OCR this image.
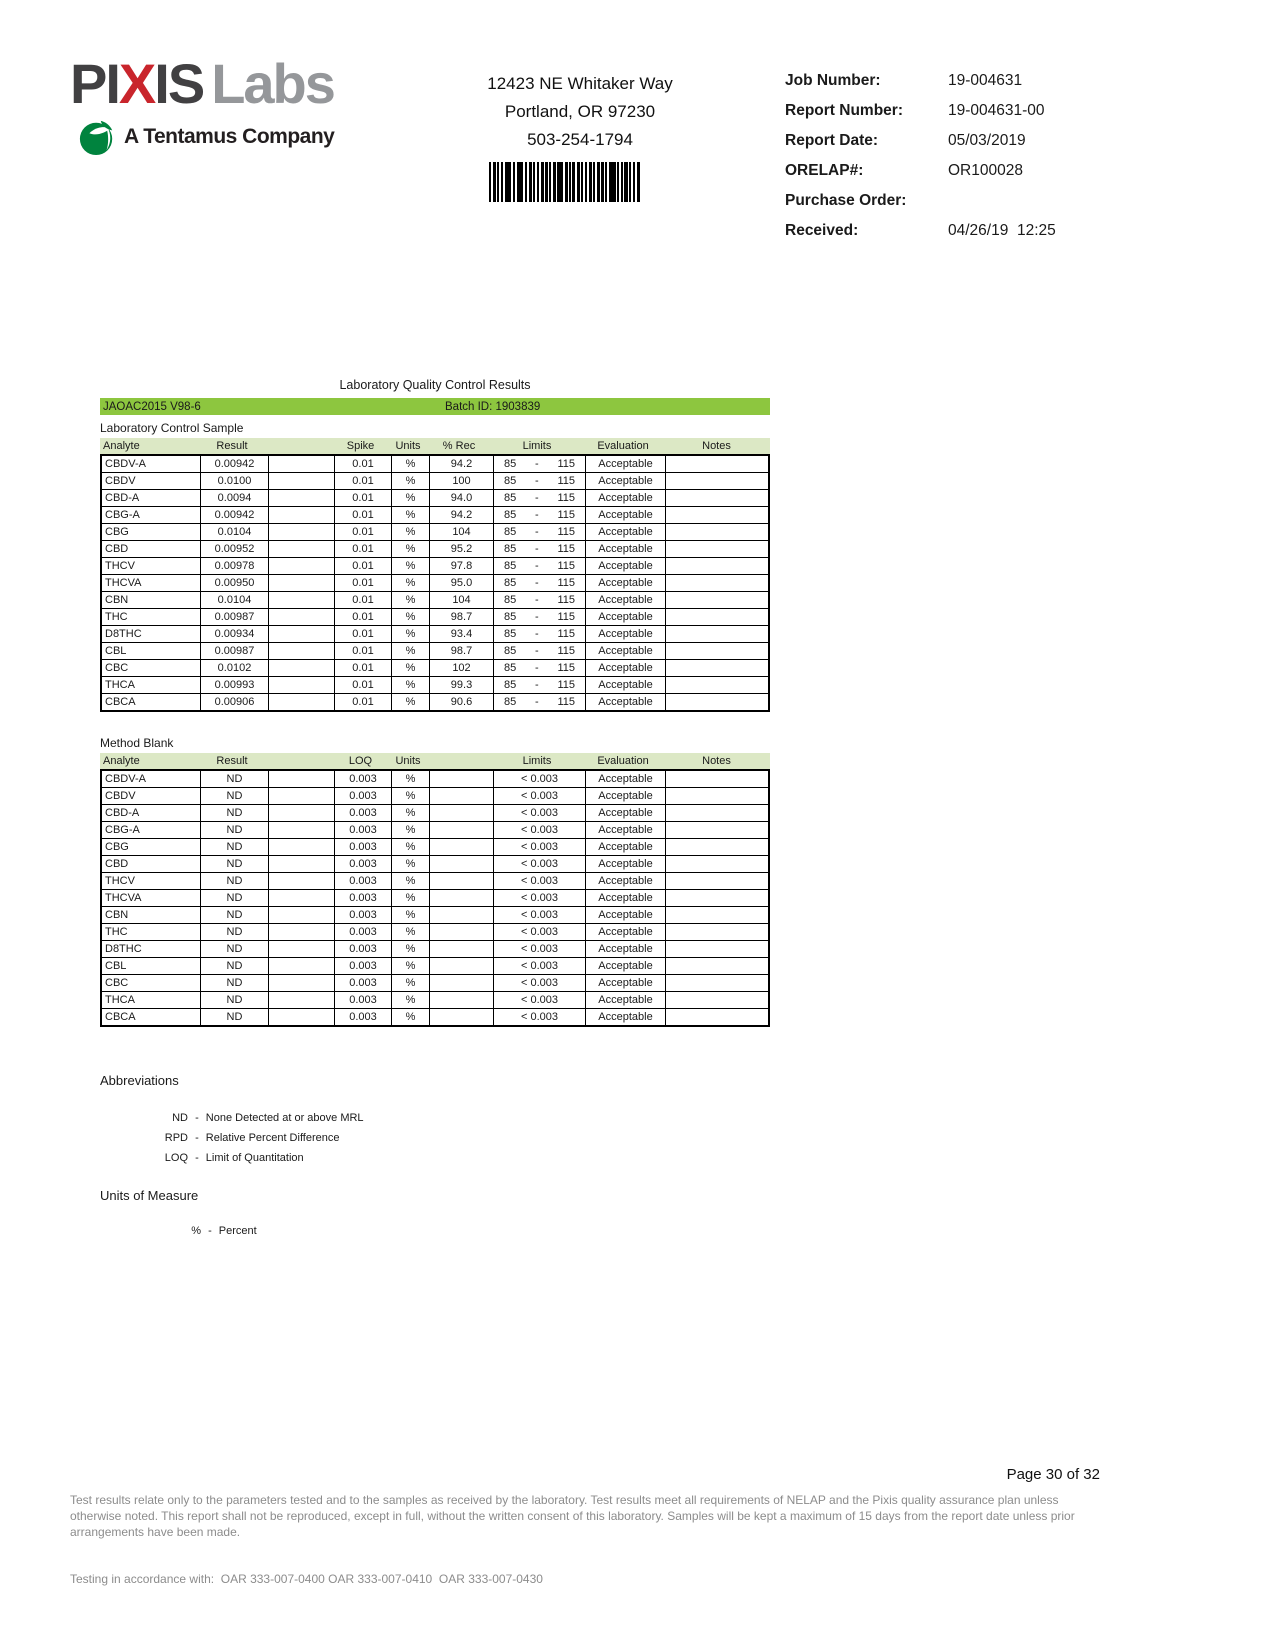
PIXIS Labs
A Tentamus Company
12423 NE Whitaker Way
Portland, OR 97230
503-254-1794
Job Number:	19-004631
Report Number:	19-004631-00
Report Date:	05/03/2019
ORELAP#:	OR100028
Purchase Order:
Received:	04/26/19  12:25
Laboratory Quality Control Results
JAOAC2015 V98-6	Batch ID: 1903839
Laboratory Control Sample
Analyte	Result	Spike	Units	% Rec	Limits	Evaluation	Notes
CBDV-A	0.00942	0.01	%	94.2	85 - 115	Acceptable
CBDV	0.0100	0.01	%	100	85 - 115	Acceptable
CBD-A	0.0094	0.01	%	94.0	85 - 115	Acceptable
CBG-A	0.00942	0.01	%	94.2	85 - 115	Acceptable
CBG	0.0104	0.01	%	104	85 - 115	Acceptable
CBD	0.00952	0.01	%	95.2	85 - 115	Acceptable
THCV	0.00978	0.01	%	97.8	85 - 115	Acceptable
THCVA	0.00950	0.01	%	95.0	85 - 115	Acceptable
CBN	0.0104	0.01	%	104	85 - 115	Acceptable
THC	0.00987	0.01	%	98.7	85 - 115	Acceptable
D8THC	0.00934	0.01	%	93.4	85 - 115	Acceptable
CBL	0.00987	0.01	%	98.7	85 - 115	Acceptable
CBC	0.0102	0.01	%	102	85 - 115	Acceptable
THCA	0.00993	0.01	%	99.3	85 - 115	Acceptable
CBCA	0.00906	0.01	%	90.6	85 - 115	Acceptable
Method Blank
Analyte	Result	LOQ	Units	Limits	Evaluation	Notes
CBDV-A	ND	0.003	%	< 0.003	Acceptable
CBDV	ND	0.003	%	< 0.003	Acceptable
CBD-A	ND	0.003	%	< 0.003	Acceptable
CBG-A	ND	0.003	%	< 0.003	Acceptable
CBG	ND	0.003	%	< 0.003	Acceptable
CBD	ND	0.003	%	< 0.003	Acceptable
THCV	ND	0.003	%	< 0.003	Acceptable
THCVA	ND	0.003	%	< 0.003	Acceptable
CBN	ND	0.003	%	< 0.003	Acceptable
THC	ND	0.003	%	< 0.003	Acceptable
D8THC	ND	0.003	%	< 0.003	Acceptable
CBL	ND	0.003	%	< 0.003	Acceptable
CBC	ND	0.003	%	< 0.003	Acceptable
THCA	ND	0.003	%	< 0.003	Acceptable
CBCA	ND	0.003	%	< 0.003	Acceptable
Abbreviations
ND - None Detected at or above MRL
RPD - Relative Percent Difference
LOQ - Limit of Quantitation
Units of Measure
% - Percent
Page 30 of 32
Test results relate only to the parameters tested and to the samples as received by the laboratory. Test results meet all requirements of NELAP and the Pixis quality assurance plan unless otherwise noted. This report shall not be reproduced, except in full, without the written consent of this laboratory. Samples will be kept a maximum of 15 days from the report date unless prior arrangements have been made.
Testing in accordance with:  OAR 333-007-0400 OAR 333-007-0410  OAR 333-007-0430
